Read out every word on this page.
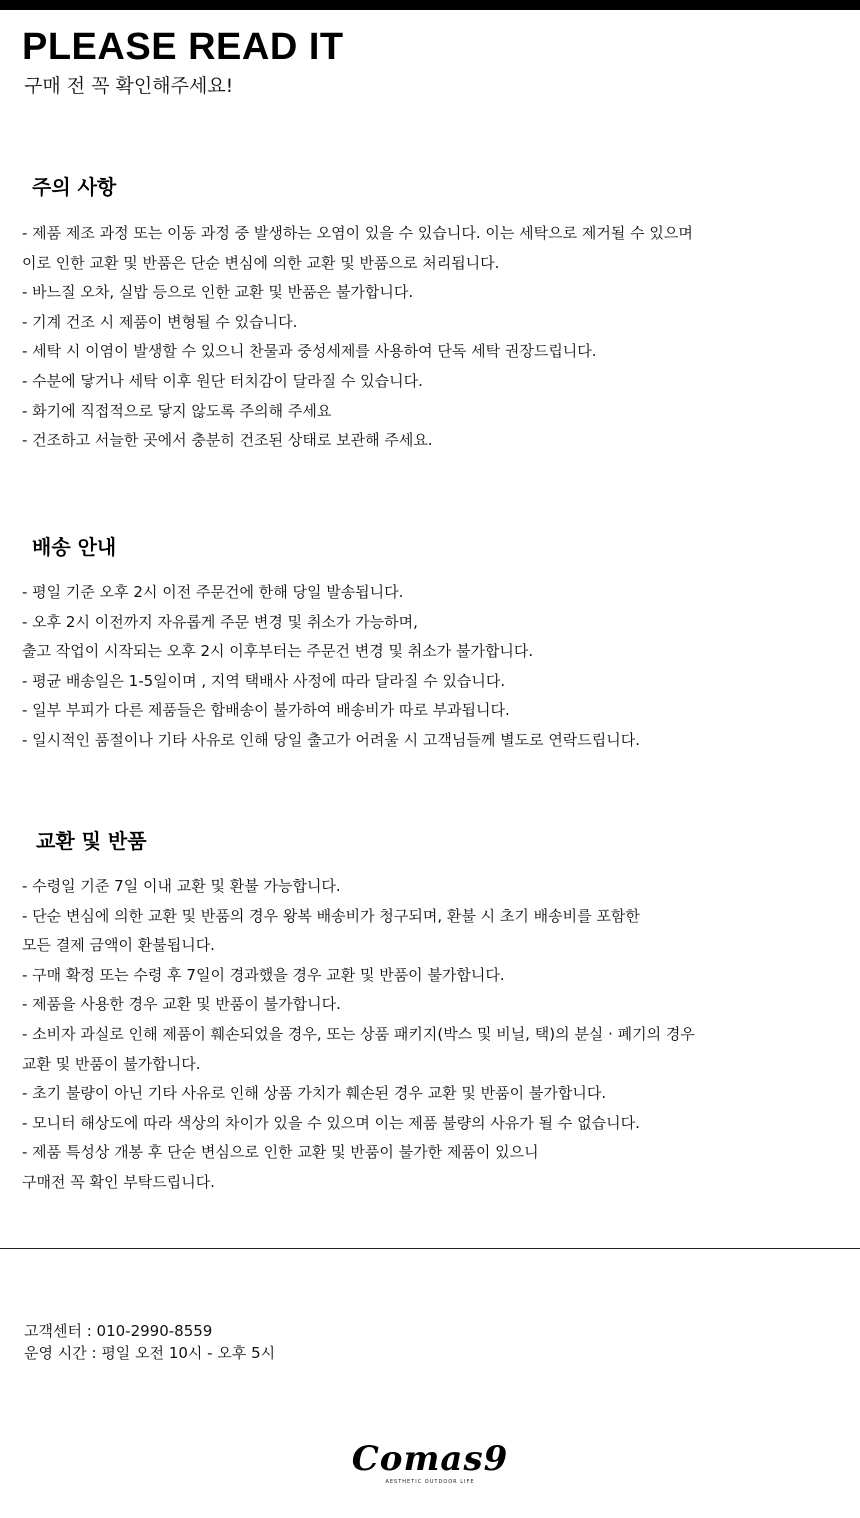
PLEASE READ IT
구매 전 꼭 확인해주세요!
주의 사항
- 제품 제조 과정 또는 이동 과정 중 발생하는 오염이 있을 수 있습니다. 이는 세탁으로 제거될 수 있으며
이로 인한 교환 및 반품은 단순 변심에 의한 교환 및 반품으로 처리됩니다.
- 바느질 오차, 실밥 등으로 인한 교환 및 반품은 불가합니다.
- 기계 건조 시 제품이 변형될 수 있습니다.
- 세탁 시 이염이 발생할 수 있으니 찬물과 중성세제를 사용하여 단독 세탁 권장드립니다.
- 수분에 닿거나 세탁 이후 원단 터치감이 달라질 수 있습니다.
- 화기에 직접적으로 닿지 않도록 주의해 주세요
- 건조하고 서늘한 곳에서 충분히 건조된 상태로 보관해 주세요.
배송 안내
- 평일 기준 오후 2시 이전 주문건에 한해 당일 발송됩니다.
- 오후 2시 이전까지 자유롭게 주문 변경 및 취소가 가능하며,
출고 작업이 시작되는 오후 2시 이후부터는 주문건 변경 및 취소가 불가합니다.
- 평균 배송일은 1-5일이며 , 지역 택배사 사정에 따라 달라질 수 있습니다.
- 일부 부피가 다른 제품들은 합배송이 불가하여 배송비가 따로 부과됩니다.
- 일시적인 품절이나 기타 사유로 인해 당일 출고가 어려울 시 고객님들께 별도로 연락드립니다.
교환 및 반품
- 수령일 기준 7일 이내 교환 및 환불 가능합니다.
- 단순 변심에 의한 교환 및 반품의 경우 왕복 배송비가 청구되며, 환불 시 초기 배송비를 포함한
모든 결제 금액이 환불됩니다.
- 구매 확정 또는 수령 후 7일이 경과했을 경우 교환 및 반품이 불가합니다.
- 제품을 사용한 경우 교환 및 반품이 불가합니다.
- 소비자 과실로 인해 제품이 훼손되었을 경우, 또는 상품 패키지(박스 및 비닐, 택)의 분실 · 폐기의 경우
교환 및 반품이 불가합니다.
- 초기 불량이 아닌 기타 사유로 인해 상품 가치가 훼손된 경우 교환 및 반품이 불가합니다.
- 모니터 해상도에 따라 색상의 차이가 있을 수 있으며 이는 제품 불량의 사유가 될 수 없습니다.
- 제품 특성상 개봉 후 단순 변심으로 인한 교환 및 반품이 불가한 제품이 있으니
구매전 꼭 확인 부탁드립니다.
고객센터 : 010-2990-8559
운영 시간 : 평일 오전 10시 - 오후 5시
Comas9
AESTHETIC OUTDOOR LIFE
